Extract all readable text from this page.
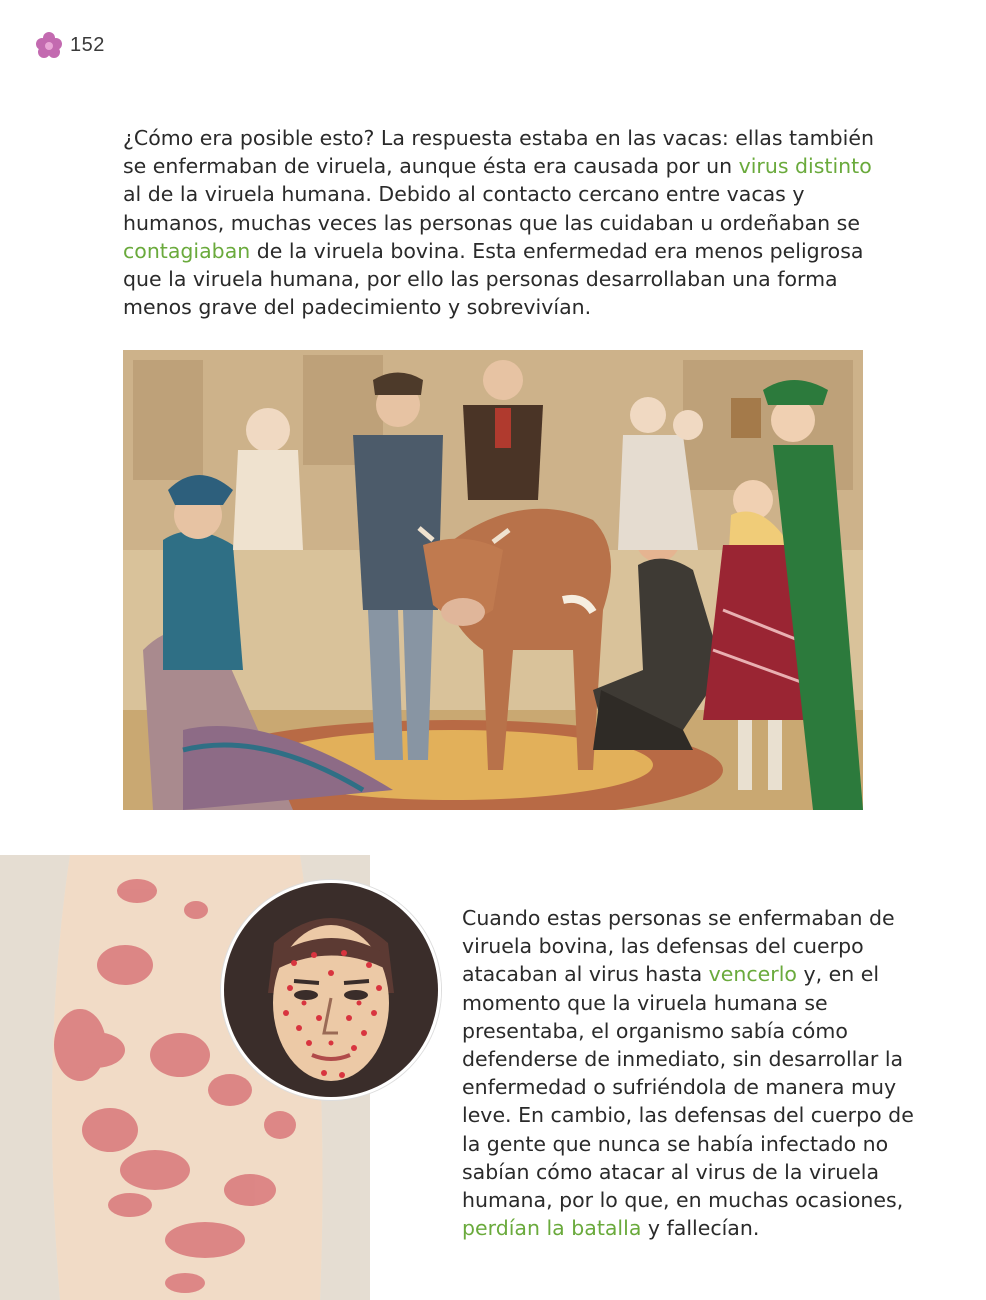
152

¿Cómo era posible esto? La respuesta estaba en las vacas: ellas también se enfermaban de viruela, aunque ésta era causada por un virus distinto al de la viruela humana. Debido al contacto cercano entre vacas y humanos, muchas veces las personas que las cuidaban u ordeñaban se contagiaban de la viruela bovina. Esta enfermedad era menos peligrosa que la viruela humana, por ello las personas desarrollaban una forma menos grave del padecimiento y sobrevivían.

Cuando estas personas se enfermaban de viruela bovina, las defensas del cuerpo atacaban al virus hasta vencerlo y, en el momento que la viruela humana se presentaba, el organismo sabía cómo defenderse de inmediato, sin desarrollar la enfermedad o sufriéndola de manera muy leve. En cambio, las defensas del cuerpo de la gente que nunca se había infectado no sabían cómo atacar al virus de la viruela humana, por lo que, en muchas ocasiones, perdían la batalla y fallecían.
